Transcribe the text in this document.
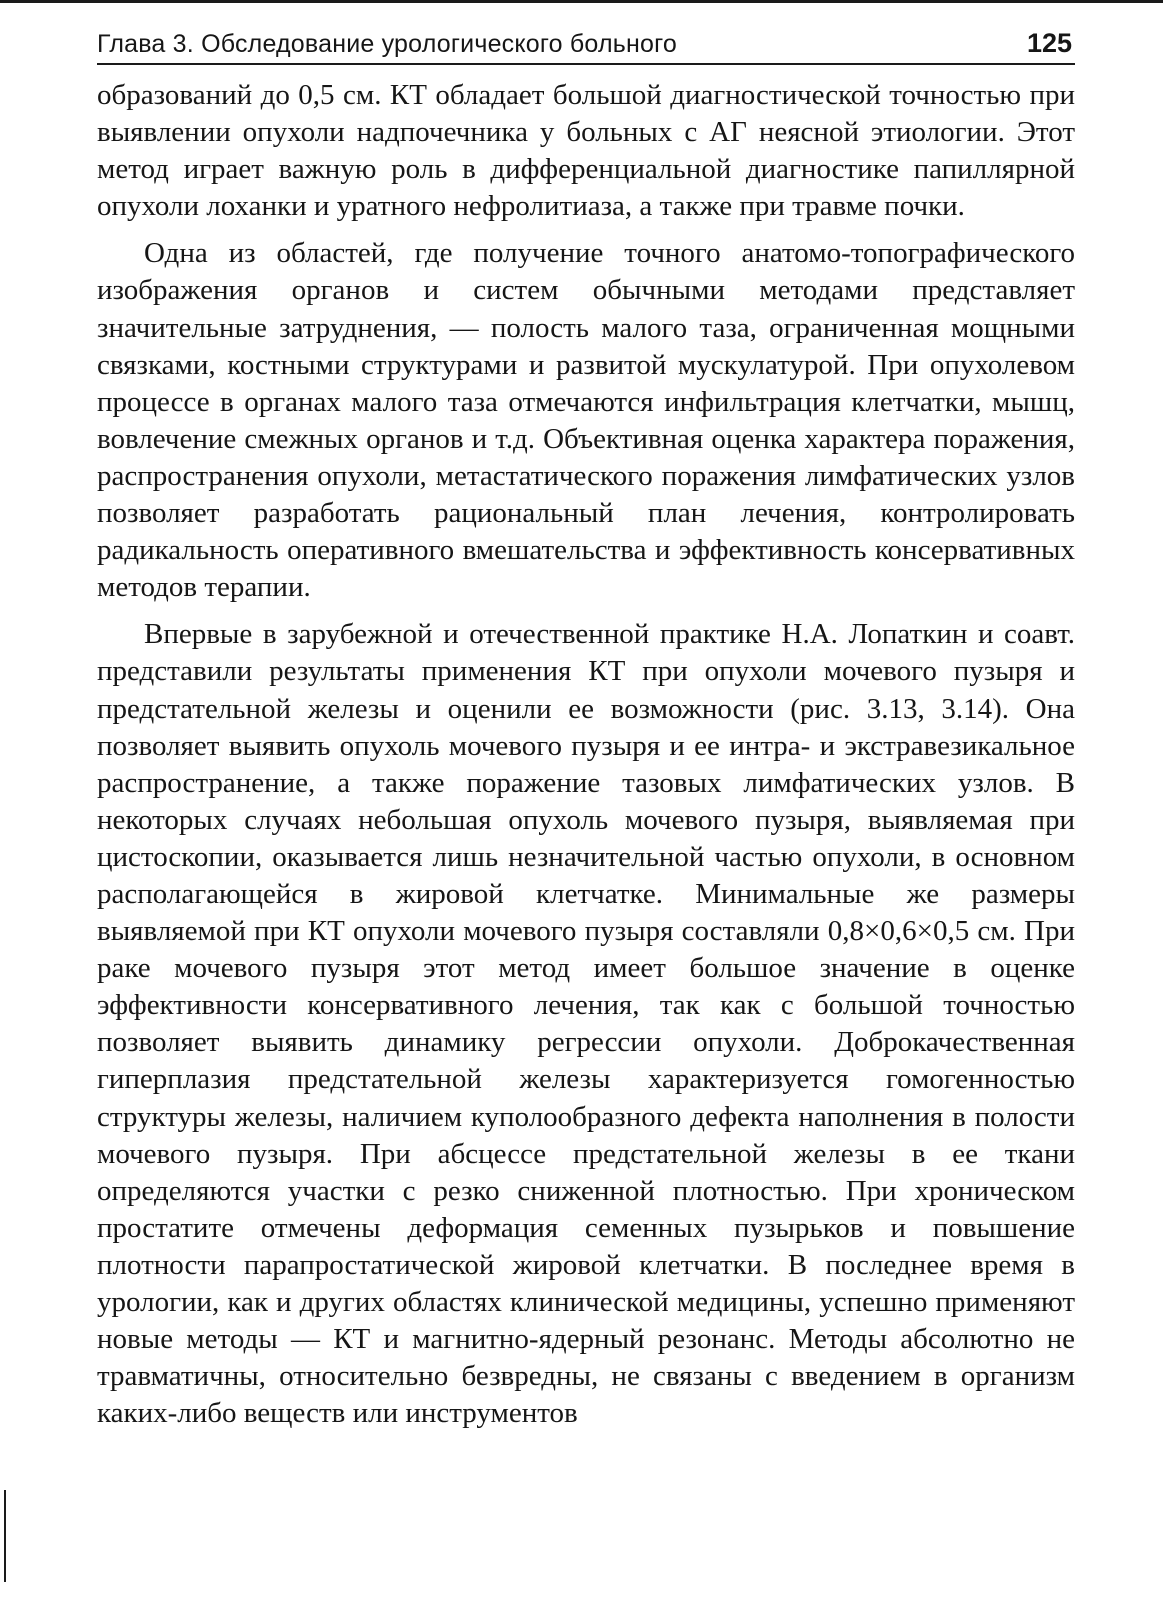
Глава 3. Обследование урологического больного	125

образований до 0,5 см. КТ обладает большой диагностической точностью при выявлении опухоли надпочечника у больных с АГ неясной этиологии. Этот метод играет важную роль в дифференциальной диагностике папиллярной опухоли лоханки и уратного нефролитиаза, а также при травме почки.

Одна из областей, где получение точного анатомо-топографического изображения органов и систем обычными методами представляет значительные затруднения, — полость малого таза, ограниченная мощными связками, костными структурами и развитой мускулатурой. При опухолевом процессе в органах малого таза отмечаются инфильтрация клетчатки, мышц, вовлечение смежных органов и т.д. Объективная оценка характера поражения, распространения опухоли, метастатического поражения лимфатических узлов позволяет разработать рациональный план лечения, контролировать радикальность оперативного вмешательства и эффективность консервативных методов терапии.

Впервые в зарубежной и отечественной практике Н.А. Лопаткин и соавт. представили результаты применения КТ при опухоли мочевого пузыря и предстательной железы и оценили ее возможности (рис. 3.13, 3.14). Она позволяет выявить опухоль мочевого пузыря и ее интра- и экстравезикальное распространение, а также поражение тазовых лимфатических узлов. В некоторых случаях небольшая опухоль мочевого пузыря, выявляемая при цистоскопии, оказывается лишь незначительной частью опухоли, в основном располагающейся в жировой клетчатке. Минимальные же размеры выявляемой при КТ опухоли мочевого пузыря составляли 0,8×0,6×0,5 см. При раке мочевого пузыря этот метод имеет большое значение в оценке эффективности консервативного лечения, так как с большой точностью позволяет выявить динамику регрессии опухоли. Доброкачественная гиперплазия предстательной железы характеризуется гомогенностью структуры железы, наличием куполообразного дефекта наполнения в полости мочевого пузыря. При абсцессе предстательной железы в ее ткани определяются участки с резко сниженной плотностью. При хроническом простатите отмечены деформация семенных пузырьков и повышение плотности парапростатической жировой клетчатки. В последнее время в урологии, как и других областях клинической медицины, успешно применяют новые методы — КТ и магнитно-ядерный резонанс. Методы абсолютно не травматичны, относительно безвредны, не связаны с введением в организм каких-либо веществ или инструментов
